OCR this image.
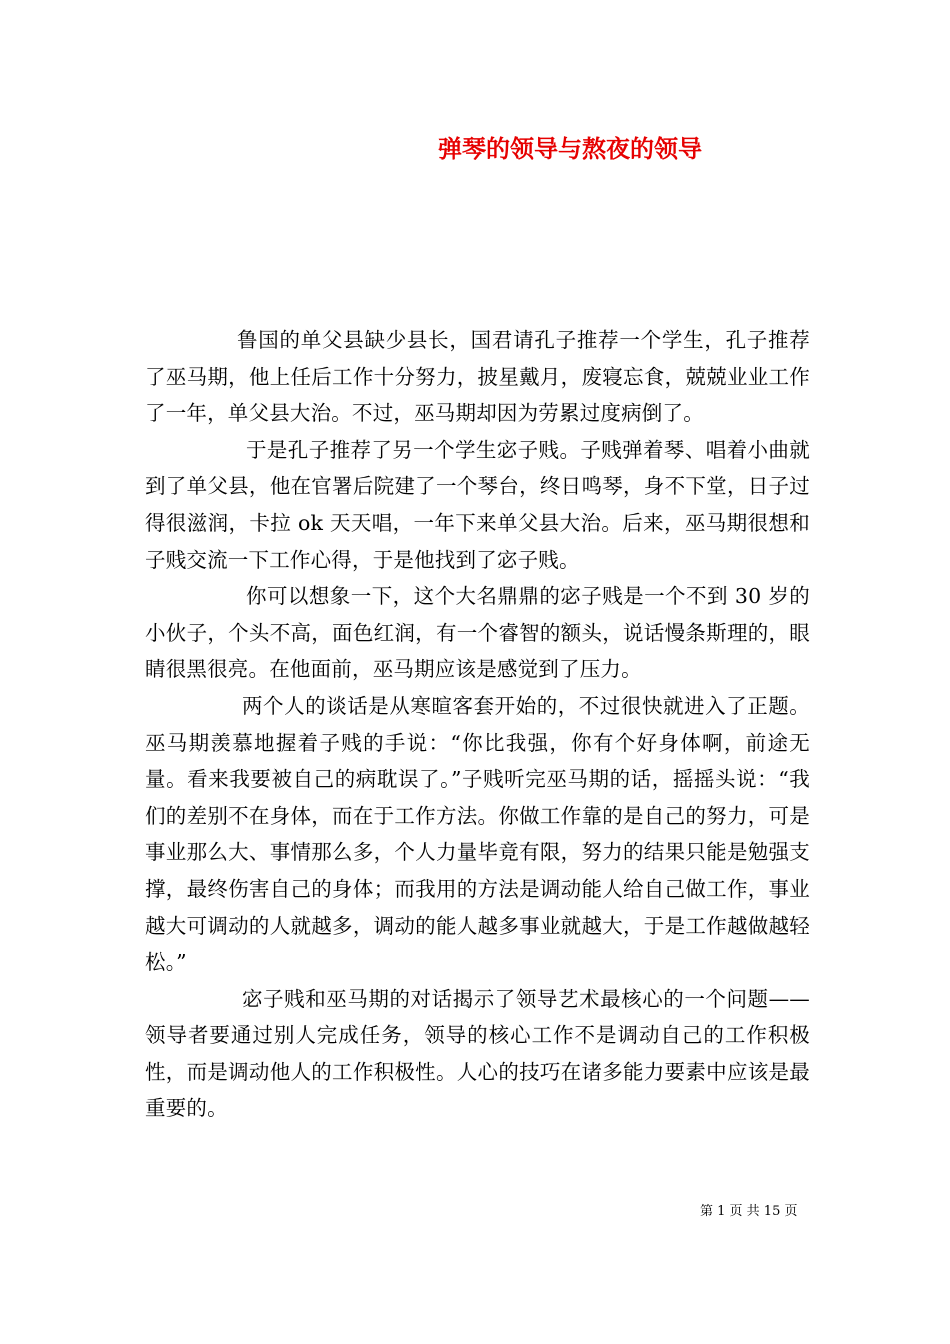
弹琴的领导与熬夜的领导

鲁国的单父县缺少县长，国君请孔子推荐一个学生，孔子推荐了巫马期，他上任后工作十分努力，披星戴月，废寝忘食，兢兢业业工作了一年，单父县大治。不过，巫马期却因为劳累过度病倒了。

于是孔子推荐了另一个学生宓子贱。子贱弹着琴、唱着小曲就到了单父县，他在官署后院建了一个琴台，终日鸣琴，身不下堂，日子过得很滋润，卡拉 ok 天天唱，一年下来单父县大治。后来，巫马期很想和子贱交流一下工作心得，于是他找到了宓子贱。

你可以想象一下，这个大名鼎鼎的宓子贱是一个不到 30 岁的小伙子，个头不高，面色红润，有一个睿智的额头，说话慢条斯理的，眼睛很黑很亮。在他面前，巫马期应该是感觉到了压力。

两个人的谈话是从寒暄客套开始的，不过很快就进入了正题。巫马期羡慕地握着子贱的手说：“你比我强，你有个好身体啊，前途无量。看来我要被自己的病耽误了。”子贱听完巫马期的话，摇摇头说：“我们的差别不在身体，而在于工作方法。你做工作靠的是自己的努力，可是事业那么大、事情那么多，个人力量毕竟有限，努力的结果只能是勉强支撑，最终伤害自己的身体；而我用的方法是调动能人给自己做工作，事业越大可调动的人就越多，调动的能人越多事业就越大，于是工作越做越轻松。”

宓子贱和巫马期的对话揭示了领导艺术最核心的一个问题——领导者要通过别人完成任务，领导的核心工作不是调动自己的工作积极性，而是调动他人的工作积极性。人心的技巧在诸多能力要素中应该是最重要的。

第 1 页 共 15 页
